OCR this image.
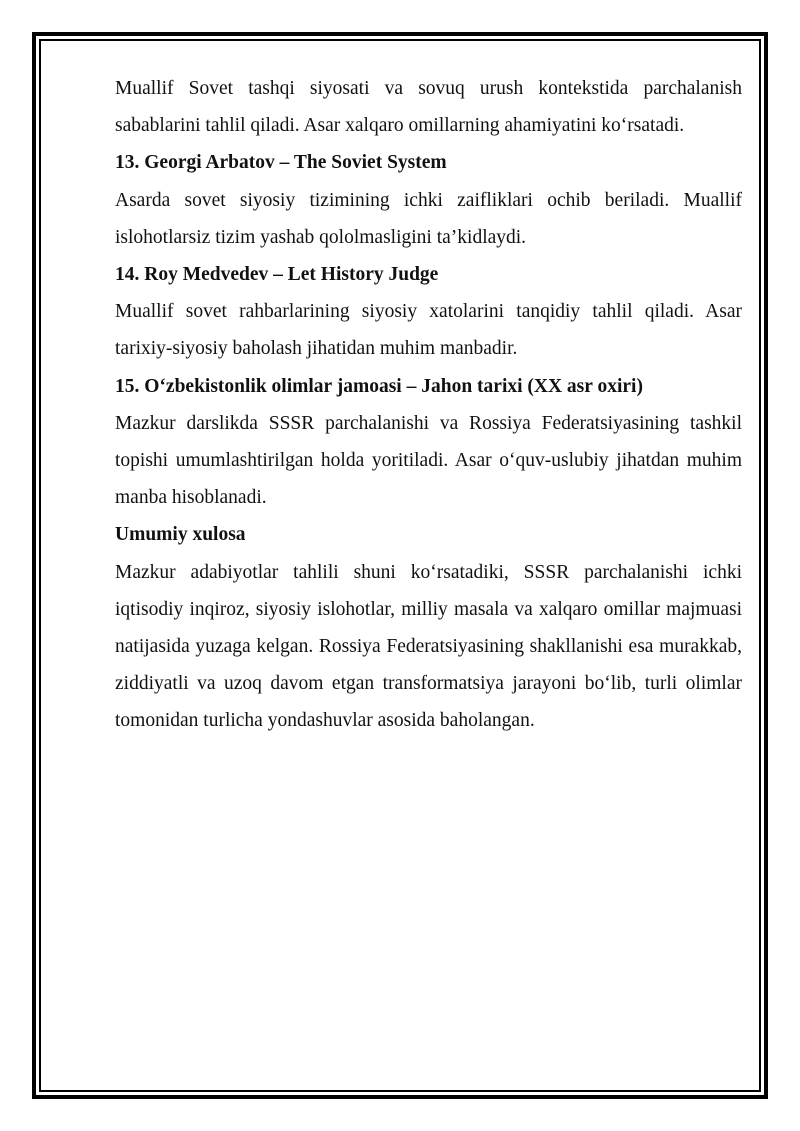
Muallif Sovet tashqi siyosati va sovuq urush kontekstida parchalanish sabablarini tahlil qiladi. Asar xalqaro omillarning ahamiyatini koʻrsatadi.

13. Georgi Arbatov – The Soviet System

Asarda sovet siyosiy tizimining ichki zaifliklari ochib beriladi. Muallif islohotlarsiz tizim yashab qololmasligini ta’kidlaydi.

14. Roy Medvedev – Let History Judge

Muallif sovet rahbarlarining siyosiy xatolarini tanqidiy tahlil qiladi. Asar tarixiy-siyosiy baholash jihatidan muhim manbadir.

15. Oʻzbekistonlik olimlar jamoasi – Jahon tarixi (XX asr oxiri)

Mazkur darslikda SSSR parchalanishi va Rossiya Federatsiyasining tashkil topishi umumlashtirilgan holda yoritiladi. Asar oʻquv-uslubiy jihatdan muhim manba hisoblanadi.

Umumiy xulosa

Mazkur adabiyotlar tahlili shuni koʻrsatadiki, SSSR parchalanishi ichki iqtisodiy inqiroz, siyosiy islohotlar, milliy masala va xalqaro omillar majmuasi natijasida yuzaga kelgan. Rossiya Federatsiyasining shakllanishi esa murakkab, ziddiyatli va uzoq davom etgan transformatsiya jarayoni boʻlib, turli olimlar tomonidan turlicha yondashuvlar asosida baholangan.
